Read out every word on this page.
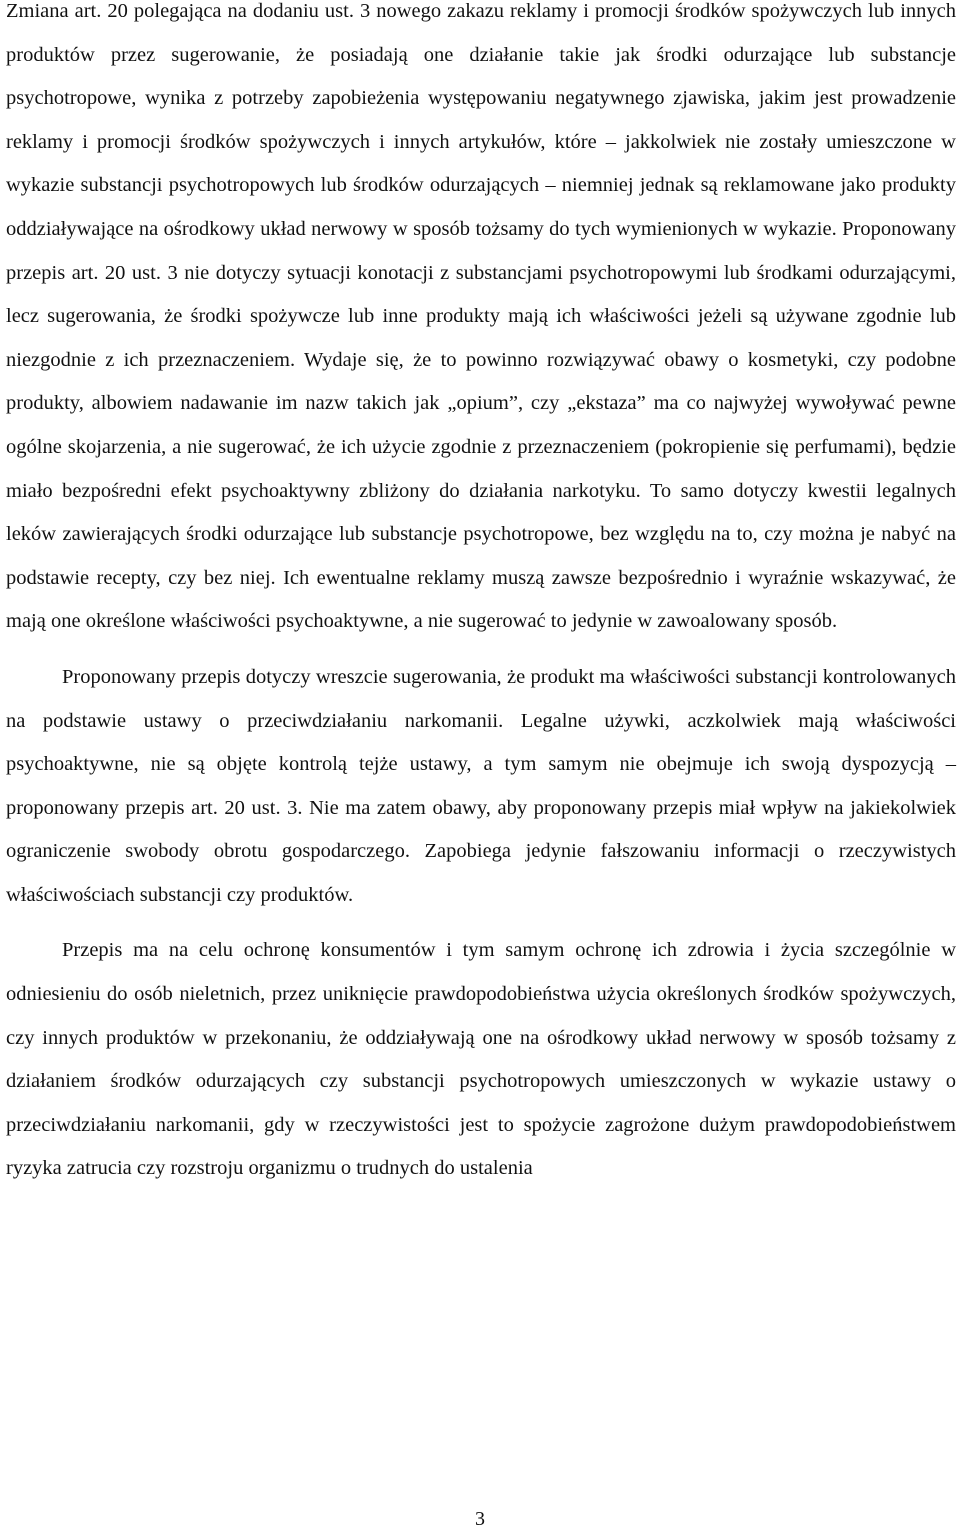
Zmiana art. 20 polegająca na dodaniu ust. 3 nowego zakazu reklamy i promocji środków spożywczych lub innych produktów przez sugerowanie, że posiadają one działanie takie jak środki odurzające lub substancje psychotropowe, wynika z potrzeby zapobieżenia występowaniu negatywnego zjawiska, jakim jest prowadzenie reklamy i promocji środków spożywczych i innych artykułów, które – jakkolwiek nie zostały umieszczone w wykazie substancji psychotropowych lub środków odurzających – niemniej jednak są reklamowane jako produkty oddziaływające na ośrodkowy układ nerwowy w sposób tożsamy do tych wymienionych w wykazie. Proponowany przepis art. 20 ust. 3 nie dotyczy sytuacji konotacji z substancjami psychotropowymi lub środkami odurzającymi, lecz sugerowania, że środki spożywcze lub inne produkty mają ich właściwości jeżeli są używane zgodnie lub niezgodnie z ich przeznaczeniem. Wydaje się, że to powinno rozwiązywać obawy o kosmetyki, czy podobne produkty, albowiem nadawanie im nazw takich jak „opium”, czy „ekstaza” ma co najwyżej wywoływać pewne ogólne skojarzenia, a nie sugerować, że ich użycie zgodnie z przeznaczeniem (pokropienie się perfumami), będzie miało bezpośredni efekt psychoaktywny zbliżony do działania narkotyku. To samo dotyczy kwestii legalnych leków zawierających środki odurzające lub substancje psychotropowe, bez względu na to, czy można je nabyć na podstawie recepty, czy bez niej. Ich ewentualne reklamy muszą zawsze bezpośrednio i wyraźnie wskazywać, że mają one określone właściwości psychoaktywne, a nie sugerować to jedynie w zawoalowany sposób.

Proponowany przepis dotyczy wreszcie sugerowania, że produkt ma właściwości substancji kontrolowanych na podstawie ustawy o przeciwdziałaniu narkomanii. Legalne używki, aczkolwiek mają właściwości psychoaktywne, nie są objęte kontrolą tejże ustawy, a tym samym nie obejmuje ich swoją dyspozycją – proponowany przepis art. 20 ust. 3. Nie ma zatem obawy, aby proponowany przepis miał wpływ na jakiekolwiek ograniczenie swobody obrotu gospodarczego. Zapobiega jedynie fałszowaniu informacji o rzeczywistych właściwościach substancji czy produktów.

Przepis ma na celu ochronę konsumentów i tym samym ochronę ich zdrowia i życia szczególnie w odniesieniu do osób nieletnich, przez uniknięcie prawdopodobieństwa użycia określonych środków spożywczych, czy innych produktów w przekonaniu, że oddziaływają one na ośrodkowy układ nerwowy w sposób tożsamy z działaniem środków odurzających czy substancji psychotropowych umieszczonych w wykazie ustawy o przeciwdziałaniu narkomanii, gdy w rzeczywistości jest to spożycie zagrożone dużym prawdopodobieństwem ryzyka zatrucia czy rozstroju organizmu o trudnych do ustalenia

3
